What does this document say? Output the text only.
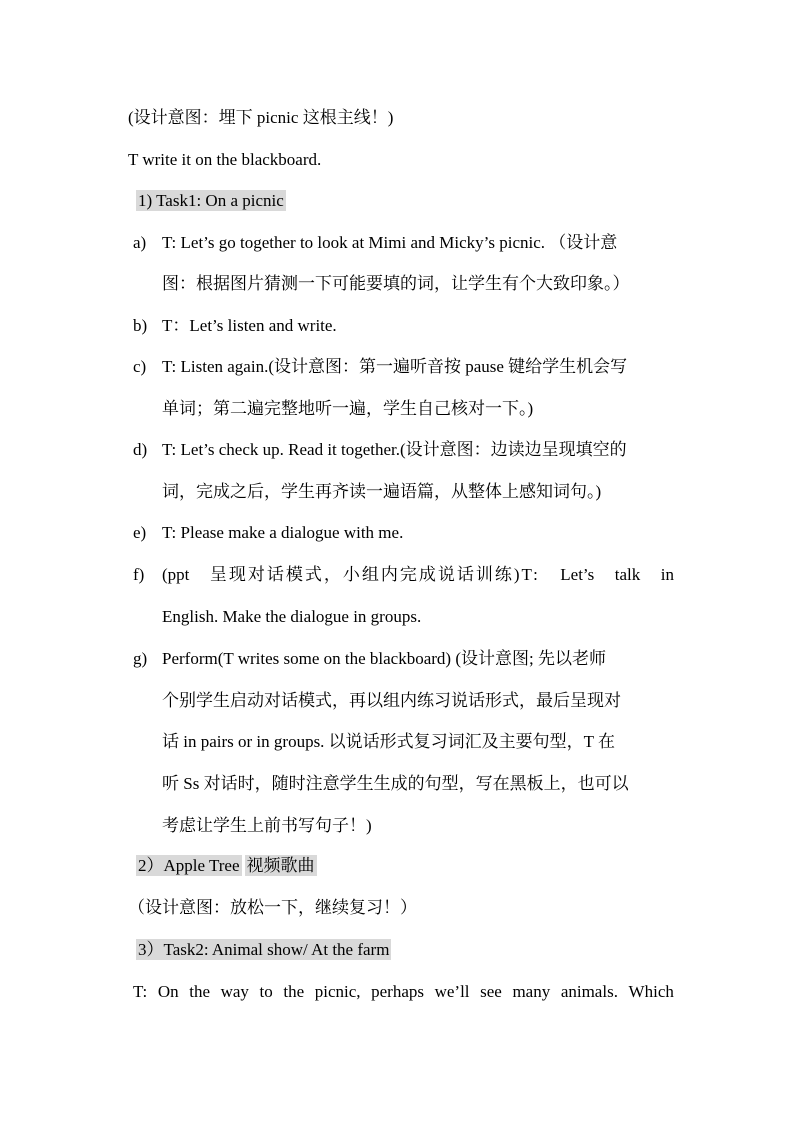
(设计意图：埋下 picnic 这根主线！)
T write it on the blackboard.
1) Task1: On a picnic
a) T: Let’s go together to look at Mimi and Micky’s picnic. （设计意
图：根据图片猜测一下可能要填的词，让学生有个大致印象。）
b) T：Let’s listen and write.
c) T: Listen again.(设计意图：第一遍听音按 pause 键给学生机会写
单词；第二遍完整地听一遍，学生自己核对一下。)
d) T: Let’s check up. Read it together.(设计意图：边读边呈现填空的
词，完成之后，学生再齐读一遍语篇，从整体上感知词句。)
e) T: Please make a dialogue with me.
f) (ppt 呈现对话模式，小组内完成说话训练)T: Let’s talk in
English. Make the dialogue in groups.
g) Perform(T writes some on the blackboard) (设计意图; 先以老师
个别学生启动对话模式，再以组内练习说话形式，最后呈现对
话 in pairs or in groups. 以说话形式复习词汇及主要句型，T 在
听 Ss 对话时，随时注意学生生成的句型，写在黑板上，也可以
考虑让学生上前书写句子！)
2）Apple Tree 视频歌曲
（设计意图：放松一下，继续复习！）
3）Task2: Animal show/ At the farm
T: On the way to the picnic, perhaps we’ll see many animals. Which
